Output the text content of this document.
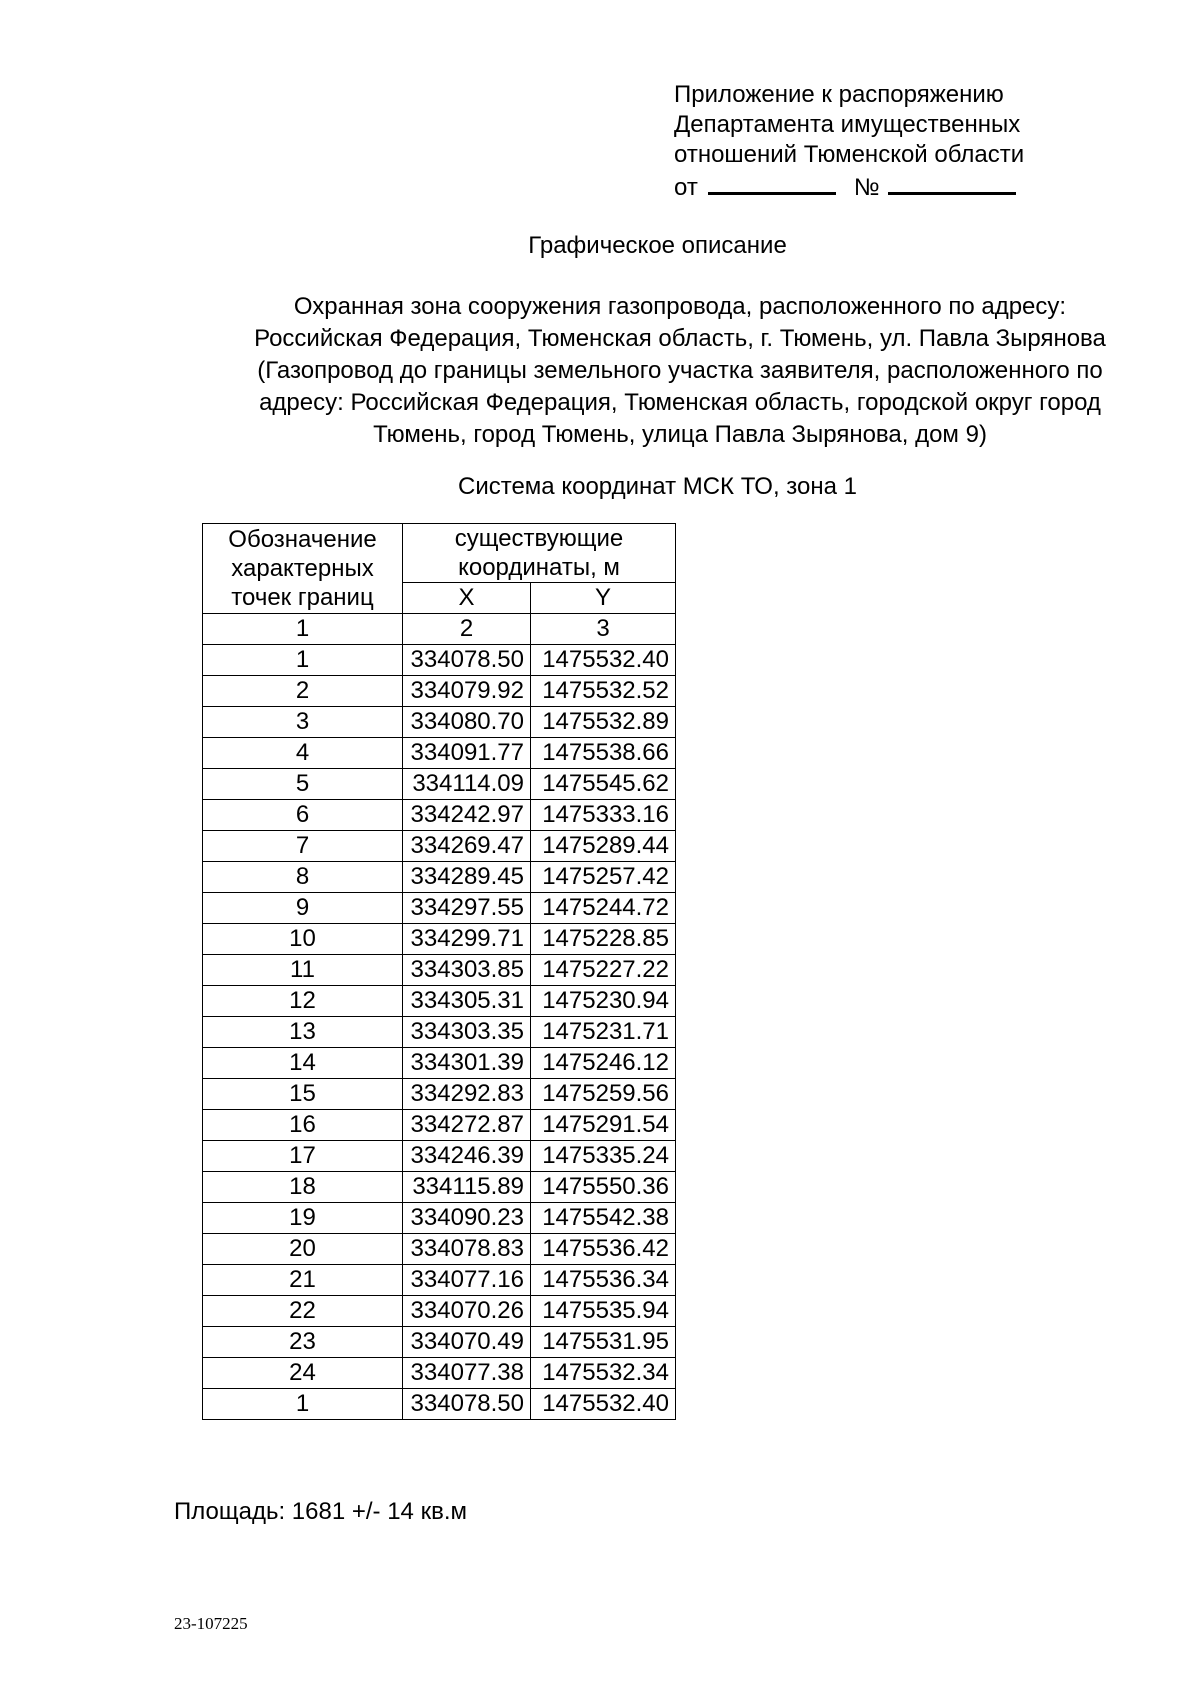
Приложение к распоряжению
Департамента имущественных
отношений Тюменской области
от	№
Графическое описание
Охранная зона сооружения газопровода, расположенного по адресу:
Российская Федерация, Тюменская область, г. Тюмень, ул. Павла Зырянова
(Газопровод до границы земельного участка заявителя, расположенного по
адресу: Российская Федерация, Тюменская область, городской округ город
Тюмень, город Тюмень, улица Павла Зырянова, дом 9)
Система координат МСК ТО, зона 1
Обозначение характерных точек границ	существующие координаты, м	
	X	Y
1	2	3
1	334078.50	1475532.40
2	334079.92	1475532.52
3	334080.70	1475532.89
4	334091.77	1475538.66
5	334114.09	1475545.62
6	334242.97	1475333.16
7	334269.47	1475289.44
8	334289.45	1475257.42
9	334297.55	1475244.72
10	334299.71	1475228.85
11	334303.85	1475227.22
12	334305.31	1475230.94
13	334303.35	1475231.71
14	334301.39	1475246.12
15	334292.83	1475259.56
16	334272.87	1475291.54
17	334246.39	1475335.24
18	334115.89	1475550.36
19	334090.23	1475542.38
20	334078.83	1475536.42
21	334077.16	1475536.34
22	334070.26	1475535.94
23	334070.49	1475531.95
24	334077.38	1475532.34
1	334078.50	1475532.40
Площадь: 1681 +/- 14 кв.м
23-107225
